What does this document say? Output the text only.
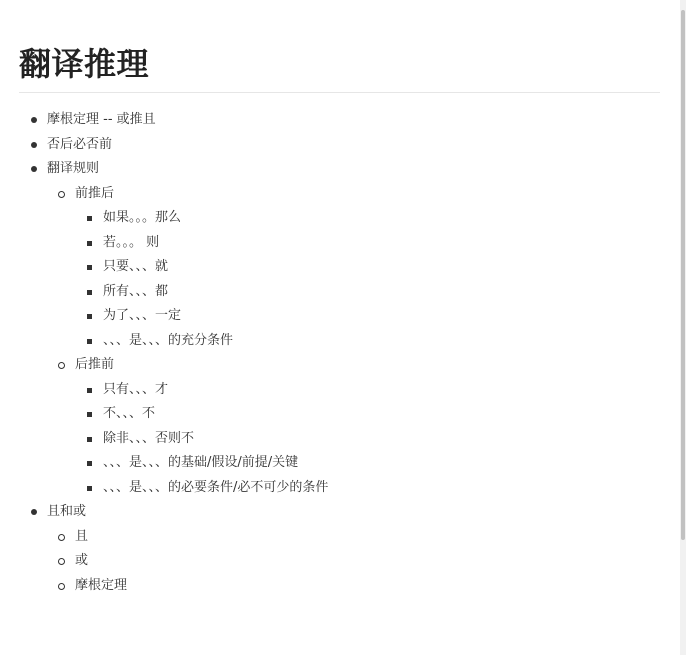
翻译推理
摩根定理 -- 或推且
否后必否前
翻译规则
前推后
如果。。。那么
若。。。 则
只要、、、就
所有、、、都
为了、、、一定
、、、是、、、的充分条件
后推前
只有、、、才
不、、、不
除非、、、否则不
、、、是、、、的基础/假设/前提/关键
、、、是、、、的必要条件/必不可少的条件
且和或
且
或
摩根定理
